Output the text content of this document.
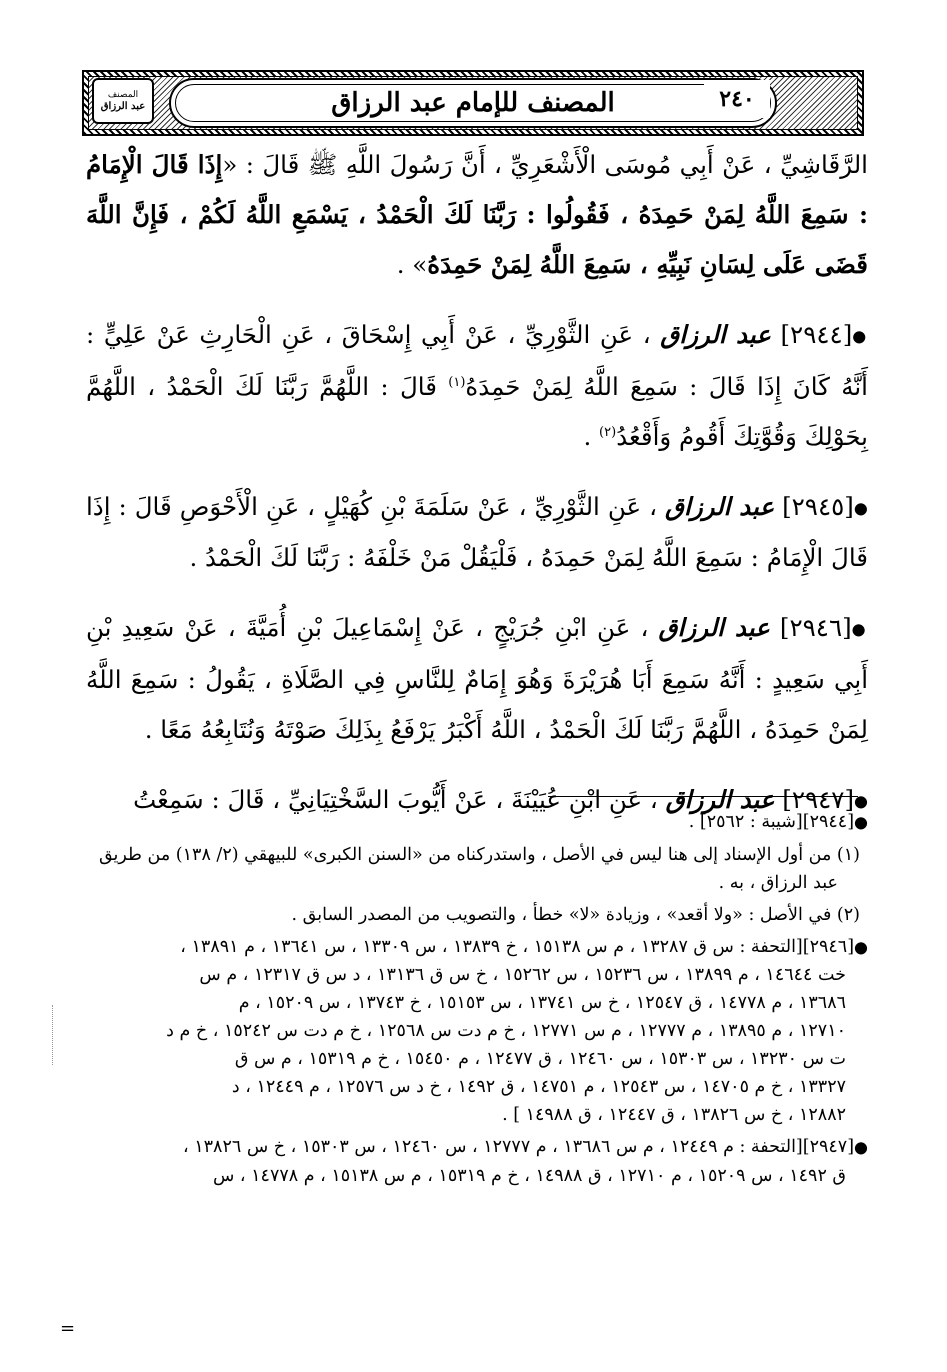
المصنف
عبد الرزاق	المصنف للإمام عبد الرزاق	٢٤٠

الرَّقَاشِيِّ ، عَنْ أَبِي مُوسَى الْأَشْعَرِيِّ ، أَنَّ رَسُولَ اللَّهِ ﷺ قَالَ : «إِذَا قَالَ الْإِمَامُ : سَمِعَ اللَّهُ لِمَنْ حَمِدَهُ ، فَقُولُوا : رَبَّنَا لَكَ الْحَمْدُ ، يَسْمَعِ اللَّهُ لَكُمْ ، فَإِنَّ اللَّهَ قَضَى عَلَى لِسَانِ نَبِيِّهِ ، سَمِعَ اللَّهُ لِمَنْ حَمِدَهُ» .

●[٢٩٤٤] عبد الرزاق ، عَنِ الثَّوْرِيِّ ، عَنْ أَبِي إِسْحَاقَ ، عَنِ الْحَارِثِ عَنْ عَلِيٍّ : أَنَّهُ كَانَ إِذَا قَالَ : سَمِعَ اللَّهُ لِمَنْ حَمِدَهُ$^{(١)}$ قَالَ : اللَّهُمَّ رَبَّنَا لَكَ الْحَمْدُ ، اللَّهُمَّ بِحَوْلِكَ وَقُوَّتِكَ أَقُومُ وَأَقْعُدُ$^{(٢)}$ .

●[٢٩٤٥] عبد الرزاق ، عَنِ الثَّوْرِيِّ ، عَنْ سَلَمَةَ بْنِ كُهَيْلٍ ، عَنِ الْأَحْوَصِ قَالَ : إِذَا قَالَ الْإِمَامُ : سَمِعَ اللَّهُ لِمَنْ حَمِدَهُ ، فَلْيَقُلْ مَنْ خَلْفَهُ : رَبَّنَا لَكَ الْحَمْدُ .

●[٢٩٤٦] عبد الرزاق ، عَنِ ابْنِ جُرَيْجٍ ، عَنْ إِسْمَاعِيلَ بْنِ أُمَيَّةَ ، عَنْ سَعِيدِ بْنِ أَبِي سَعِيدٍ : أَنَّهُ سَمِعَ أَبَا هُرَيْرَةَ وَهُوَ إِمَامٌ لِلنَّاسِ فِي الصَّلَاةِ ، يَقُولُ : سَمِعَ اللَّهُ لِمَنْ حَمِدَهُ ، اللَّهُمَّ رَبَّنَا لَكَ الْحَمْدُ ، اللَّهُ أَكْبَرُ يَرْفَعُ بِذَلِكَ صَوْتَهُ وَنُتَابِعُهُ مَعًا .

●[٢٩٤٧] عبد الرزاق ، عَنِ ابْنِ عُيَيْنَةَ ، عَنْ أَيُّوبَ السَّخْتِيَانِيِّ ، قَالَ : سَمِعْتُ

●[٢٩٤٤][شيبة : ٢٥٦٢] .

(١) من أول الإسناد إلى هنا ليس في الأصل ، واستدركناه من «السنن الكبرى» للبيهقي (٢/ ١٣٨) من طريق
عبد الرزاق ، به .

(٢) في الأصل : «ولا أقعد» ، وزيادة «لا» خطأ ، والتصويب من المصدر السابق .

●[٢٩٤٦][التحفة : س ق ١٣٢٨٧ ، م س ١٥١٣٨ ، خ ١٣٨٣٩ ، س ١٣٣٠٩ ، س ١٣٦٤١ ، م ١٣٨٩١ ،
خت ١٤٦٤٤ ، م ١٣٨٩٩ ، س ١٥٢٣٦ ، س ١٥٢٦٢ ، خ س ق ١٣١٣٦ ، د س ق ١٢٣١٧ ، م س
١٣٦٨٦ ، م ١٤٧٧٨ ، ق ١٢٥٤٧ ، خ س ١٣٧٤١ ، س ١٥١٥٣ ، خ ١٣٧٤٣ ، س ١٥٢٠٩ ، م
١٢٧١٠ ، م ١٣٨٩٥ ، م ١٢٧٧٧ ، م س ١٢٧٧١ ، خ م دت س ١٢٥٦٨ ، خ م دت س ١٥٢٤٢ ، خ م د
ت س ١٣٢٣٠ ، س ١٥٣٠٣ ، س ١٢٤٦٠ ، ق ١٢٤٧٧ ، م ١٥٤٥٠ ، خ م ١٥٣١٩ ، م س ق
١٣٣٢٧ ، خ م ١٤٧٠٥ ، س ١٢٥٤٣ ، م ١٤٧٥١ ، ق ١٤٩٢ ، خ د س ١٢٥٧٦ ، م ١٢٤٤٩ ، د
١٢٨٨٢ ، خ س ١٣٨٢٦ ، ق ١٢٤٤٧ ، ق ١٤٩٨٨ ] .

●[٢٩٤٧][التحفة : م ١٢٤٤٩ ، م س ١٣٦٨٦ ، م ١٢٧٧٧ ، س ١٢٤٦٠ ، س ١٥٣٠٣ ، خ س ١٣٨٢٦ ،
ق ١٤٩٢ ، س ١٥٢٠٩ ، م ١٢٧١٠ ، ق ١٤٩٨٨ ، خ م ١٥٣١٩ ، م س ١٥١٣٨ ، م ١٤٧٧٨ ، س

=
